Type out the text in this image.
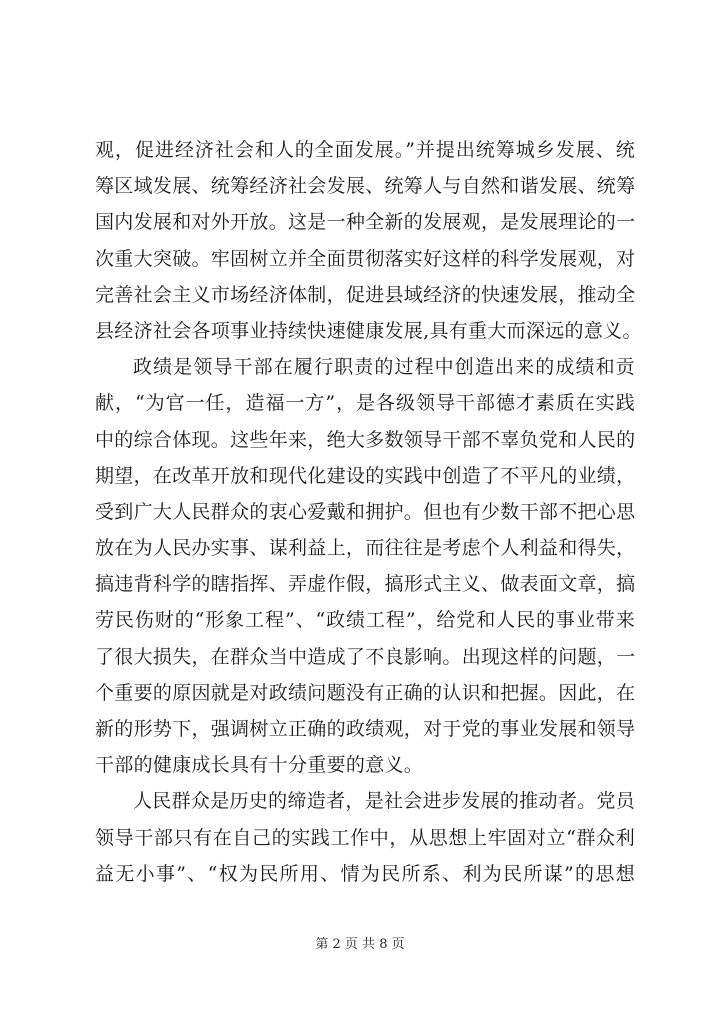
观，促进经济社会和人的全面发展。”并提出统筹城乡发展、统
筹区域发展、统筹经济社会发展、统筹人与自然和谐发展、统筹
国内发展和对外开放。这是一种全新的发展观，是发展理论的一
次重大突破。牢固树立并全面贯彻落实好这样的科学发展观，对
完善社会主义市场经济体制，促进县域经济的快速发展，推动全
县经济社会各项事业持续快速健康发展,具有重大而深远的意义。
政绩是领导干部在履行职责的过程中创造出来的成绩和贡
献，“为官一任，造福一方”，是各级领导干部德才素质在实践
中的综合体现。这些年来，绝大多数领导干部不辜负党和人民的
期望，在改革开放和现代化建设的实践中创造了不平凡的业绩，
受到广大人民群众的衷心爱戴和拥护。但也有少数干部不把心思
放在为人民办实事、谋利益上，而往往是考虑个人利益和得失，
搞违背科学的瞎指挥、弄虚作假，搞形式主义、做表面文章，搞
劳民伤财的“形象工程”、“政绩工程”，给党和人民的事业带来
了很大损失，在群众当中造成了不良影响。出现这样的问题，一
个重要的原因就是对政绩问题没有正确的认识和把握。因此，在
新的形势下，强调树立正确的政绩观，对于党的事业发展和领导
干部的健康成长具有十分重要的意义。
人民群众是历史的缔造者，是社会进步发展的推动者。党员
领导干部只有在自己的实践工作中，从思想上牢固对立“群众利
益无小事”、“权为民所用、情为民所系、利为民所谋”的思想
第 2 页 共 8 页
